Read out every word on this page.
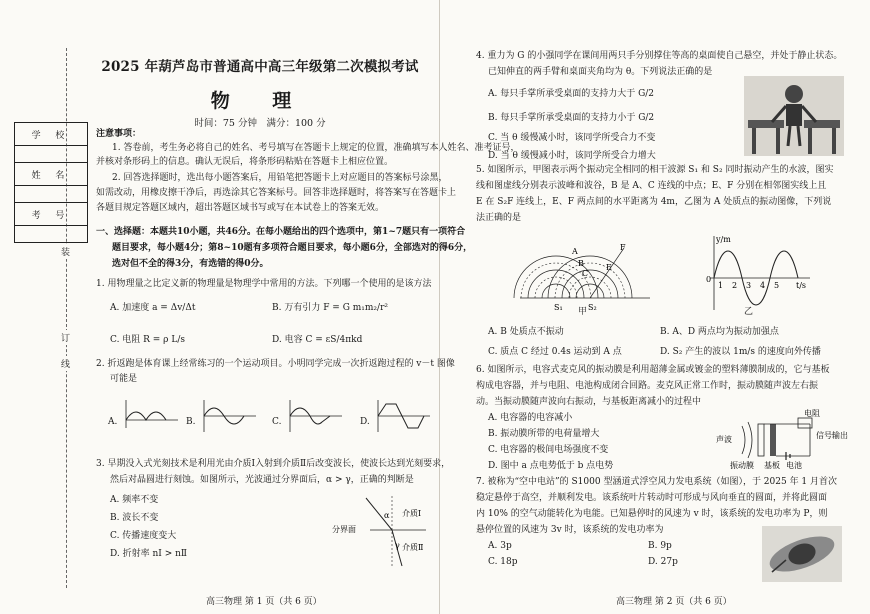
学 校
姓 名
考 号
装
订
线
2025 年葫芦岛市普通高中高三年级第二次模拟考试
物 理
时间：75 分钟　满分：100 分
注意事项：
1. 答卷前，考生务必将自己的姓名、考号填写在答题卡上规定的位置，准确填写本人姓名、准考证号，
并核对条形码上的信息。确认无误后，将条形码粘贴在答题卡上相应位置。
2. 回答选择题时，选出每小题答案后，用铅笔把答题卡上对应题目的答案标号涂黑，
如需改动，用橡皮擦干净后，再选涂其它答案标号。回答非选择题时，将答案写在答题卡上
各题目规定答题区域内，超出答题区域书写或写在本试卷上的答案无效。
一、选择题：本题共10小题，共46分。在每小题给出的四个选项中，第1~7题只有一项符合
题目要求，每小题4分；第8~10题有多项符合题目要求，每小题6分，全部选对的得6分，
选对但不全的得3分，有选错的得0分。
1. 用物理量之比定义新的物理量是物理学中常用的方法。下列哪一个使用的是该方法
A. 加速度 a = Δv/Δt	B. 万有引力 F = G m₁m₂/r²
C. 电阻 R = ρ L/s	D. 电容 C = εS/4πkd
2. 折返跑是体育课上经常练习的一个运动项目。小明同学完成一次折返跑过程的 v－t 图像
可能是
A.	B.	C.	D.
3. 早期没入式光刻技术是利用光由介质Ⅰ入射到介质Ⅱ后改变波长，使波长达到光刻要求，
然后对晶圆进行刻蚀。如图所示，光波通过分界面后，α > γ，正确的判断是
A. 频率不变
B. 波长不变
C. 传播速度变大
D. 折射率 nⅠ > nⅡ
α
γ
分界面
介质Ⅰ
介质Ⅱ
高三物理 第 1 页（共 6 页）
4. 重力为 G 的小强同学在课间用两只手分别撑住等高的桌面使自己悬空，并处于静止状态。
已知伸直的两手臂和桌面夹角均为 θ。下列说法正确的是
A. 每只手掌所承受桌面的支持力大于 G/2
B. 每只手掌所承受桌面的支持力小于 G/2
C. 当 θ 缓慢减小时，该同学所受合力不变
D. 当 θ 缓慢减小时，该同学所受合力增大
5. 如图所示，甲图表示两个振动完全相同的相干波源 S₁ 和 S₂ 同时振动产生的水波，图实
线和图虚线分别表示波峰和波谷，B 是 A、C 连线的中点；E、F 分别在相邻图实线上且
E 在 S₂F 连线上，E、F 两点间的水平距离为 4m，乙图为 A 处质点的振动图像，下列说
法正确的是
A
B
C
E
F
S₁	S₂
甲
y/m
t/s
0
1 2 3 4 5
乙
A. B 处质点不振动	B. A、D 两点均为振动加强点
C. 质点 C 经过 0.4s 运动到 A 点	D. S₂ 产生的波以 1m/s 的速度向外传播
6. 如图所示，电容式麦克风的振动膜是利用超薄金属或镀金的塑料薄膜制成的，它与基板
构成电容器，并与电阻、电池构成闭合回路。麦克风正常工作时，振动膜随声波左右振
动。当振动膜随声波向右振动，与基板距离减小的过程中
A. 电容器的电容减小
B. 振动膜所带的电荷量增大
C. 电容器的极间电场强度不变
D. 图中 a 点电势低于 b 点电势
电阻
声波	信号输出
振动膜 基板 电池
7. 被称为“空中电站”的 S1000 型涵道式浮空风力发电系统（如图），于 2025 年 1 月首次
稳定悬停于高空，并顺利发电。该系统叶片转动时可形成与风向垂直的圆面，并将此圆面
内 10% 的空气动能转化为电能。已知悬停时的风速为 v 时，该系统的发电功率为 P，则
悬停位置的风速为 3v 时，该系统的发电功率为
A. 3p	B. 9p
C. 18p	D. 27p
高三物理 第 2 页（共 6 页）
